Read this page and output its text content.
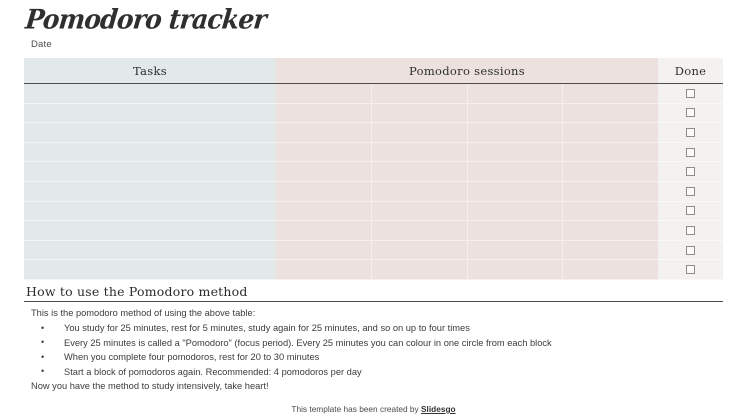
Pomodoro tracker
Date
Tasks	Pomodoro sessions	Done
How to use the Pomodoro method
This is the pomodoro method of using the above table:
• You study for 25 minutes, rest for 5 minutes, study again for 25 minutes, and so on up to four times
• Every 25 minutes is called a "Pomodoro" (focus period). Every 25 minutes you can colour in one circle from each block
• When you complete four pomodoros, rest for 20 to 30 minutes
• Start a block of pomodoros again. Recommended: 4 pomodoros per day
Now you have the method to study intensively, take heart!
This template has been created by Slidesgo
